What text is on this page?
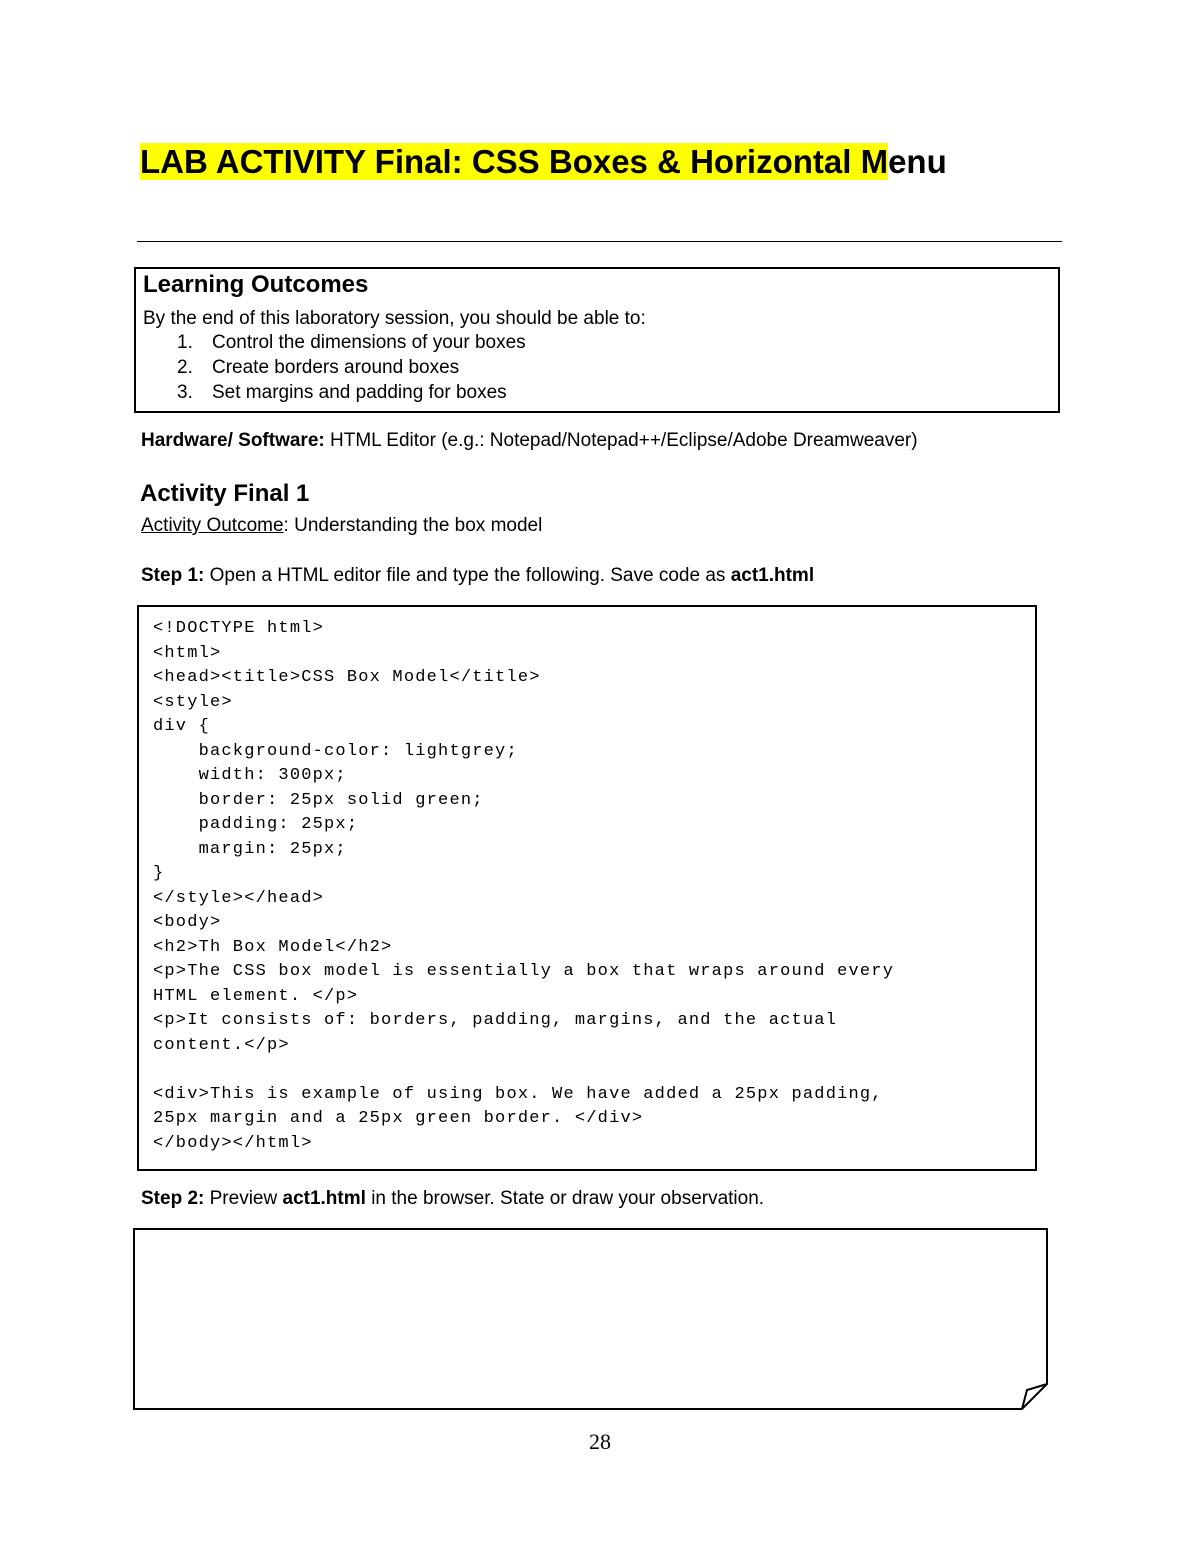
LAB ACTIVITY Final: CSS Boxes & Horizontal Menu
Learning Outcomes
By the end of this laboratory session, you should be able to:
1. Control the dimensions of your boxes
2. Create borders around boxes
3. Set margins and padding for boxes
Hardware/ Software: HTML Editor (e.g.: Notepad/Notepad++/Eclipse/Adobe Dreamweaver)
Activity Final 1
Activity Outcome: Understanding the box model
Step 1: Open a HTML editor file and type the following. Save code as act1.html
<!DOCTYPE html>
<html>
<head><title>CSS Box Model</title>
<style>
div {
background-color: lightgrey;
width: 300px;
border: 25px solid green;
padding: 25px;
margin: 25px;
}
</style></head>
<body>
<h2>Th Box Model</h2>
<p>The CSS box model is essentially a box that wraps around every
HTML element. </p>
<p>It consists of: borders, padding, margins, and the actual
content.</p>
<div>This is example of using box. We have added a 25px padding,
25px margin and a 25px green border. </div>
</body></html>
Step 2: Preview act1.html in the browser. State or draw your observation.
28
